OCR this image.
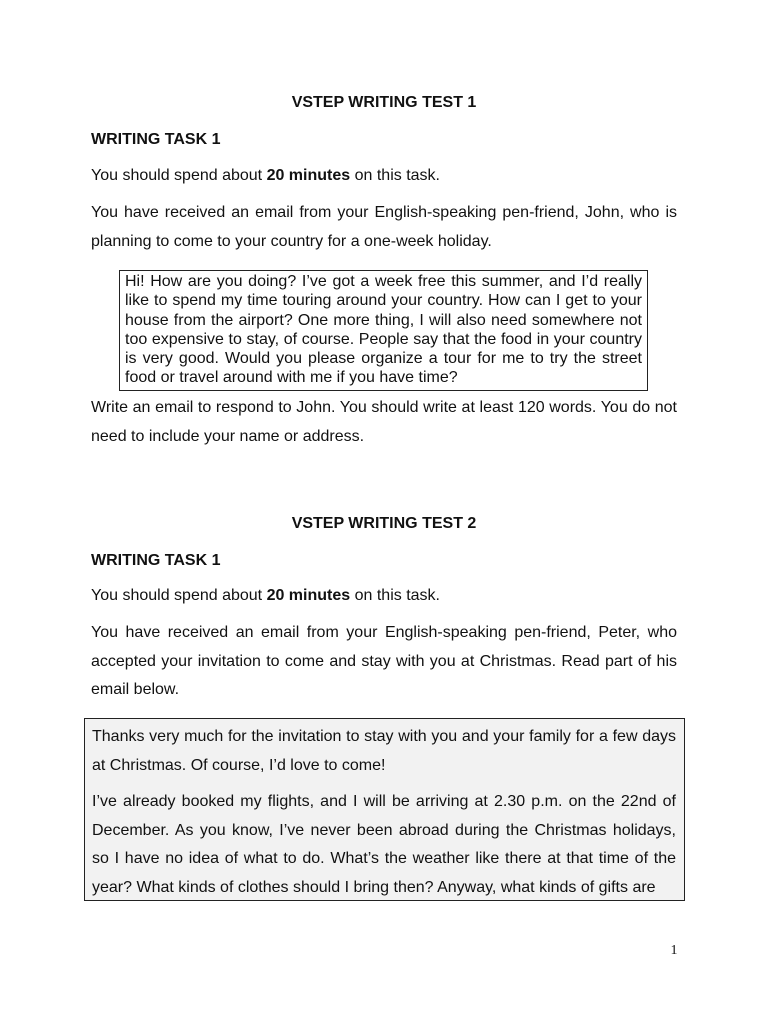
VSTEP WRITING TEST 1
WRITING TASK 1

You should spend about 20 minutes on this task.

You have received an email from your English-speaking pen-friend, John, who is planning to come to your country for a one-week holiday.

Hi! How are you doing? I’ve got a week free this summer, and I’d really like to spend my time touring around your country. How can I get to your house from the airport? One more thing, I will also need somewhere not too expensive to stay, of course. People say that the food in your country is very good. Would you please organize a tour for me to try the street food or travel around with me if you have time?

Write an email to respond to John. You should write at least 120 words. You do not need to include your name or address.

VSTEP WRITING TEST 2
WRITING TASK 1

You should spend about 20 minutes on this task.

You have received an email from your English-speaking pen-friend, Peter, who accepted your invitation to come and stay with you at Christmas. Read part of his email below.

Thanks very much for the invitation to stay with you and your family for a few days at Christmas. Of course, I’d love to come!

I’ve already booked my flights, and I will be arriving at 2.30 p.m. on the 22nd of December. As you know, I’ve never been abroad during the Christmas holidays, so I have no idea of what to do. What’s the weather like there at that time of the year? What kinds of clothes should I bring then? Anyway, what kinds of gifts are

1
